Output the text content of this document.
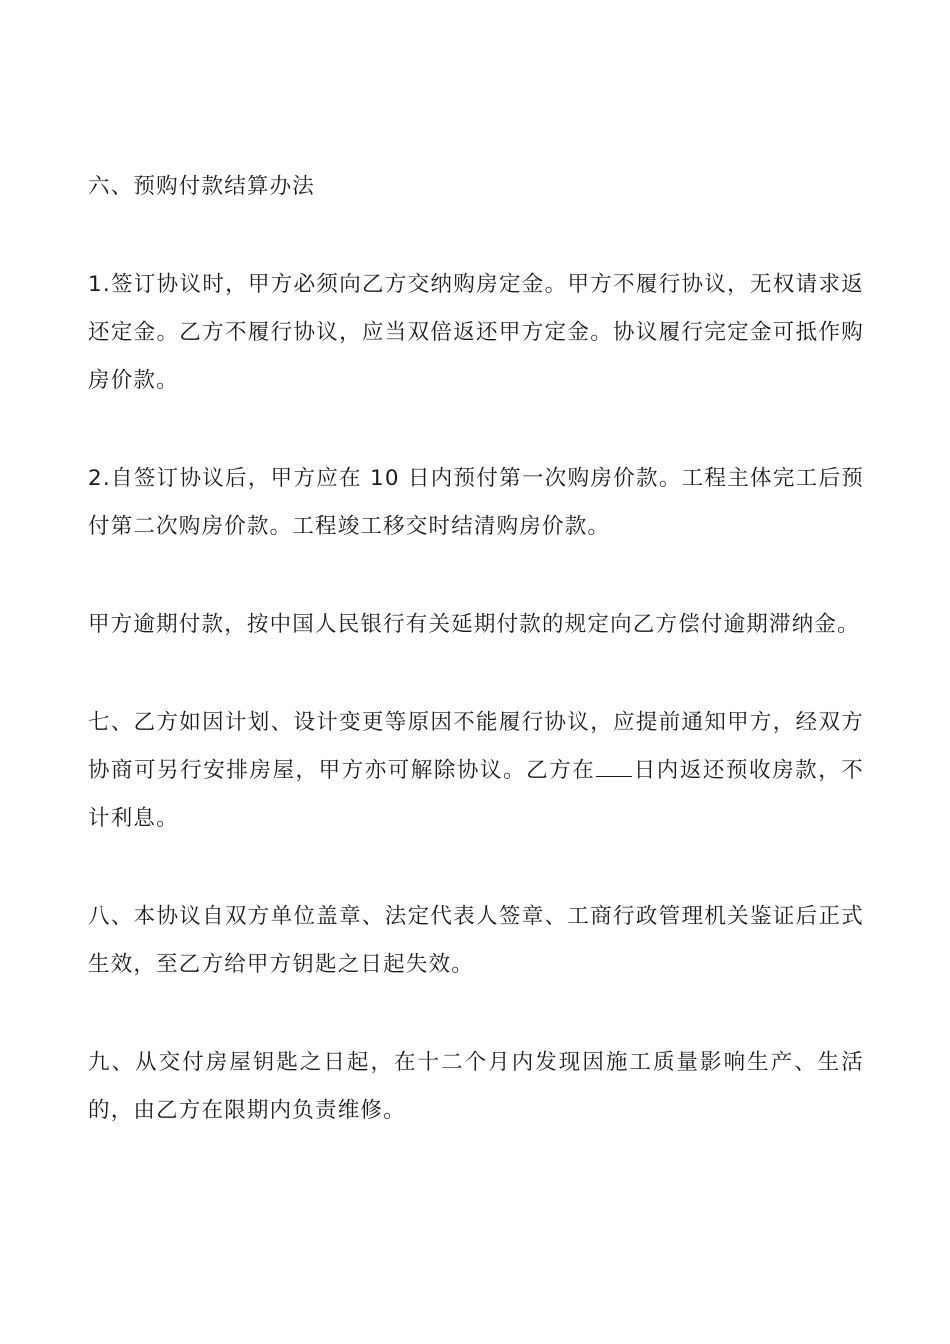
六、预购付款结算办法

1.签订协议时，甲方必须向乙方交纳购房定金。甲方不履行协议，无权请求返还定金。乙方不履行协议，应当双倍返还甲方定金。协议履行完定金可抵作购房价款。

2.自签订协议后，甲方应在 10 日内预付第一次购房价款。工程主体完工后预付第二次购房价款。工程竣工移交时结清购房价款。

甲方逾期付款，按中国人民银行有关延期付款的规定向乙方偿付逾期滞纳金。

七、乙方如因计划、设计变更等原因不能履行协议，应提前通知甲方，经双方协商可另行安排房屋，甲方亦可解除协议。乙方在 日内返还预收房款，不计利息。

八、本协议自双方单位盖章、法定代表人签章、工商行政管理机关鉴证后正式生效，至乙方给甲方钥匙之日起失效。

九、从交付房屋钥匙之日起，在十二个月内发现因施工质量影响生产、生活的，由乙方在限期内负责维修。
